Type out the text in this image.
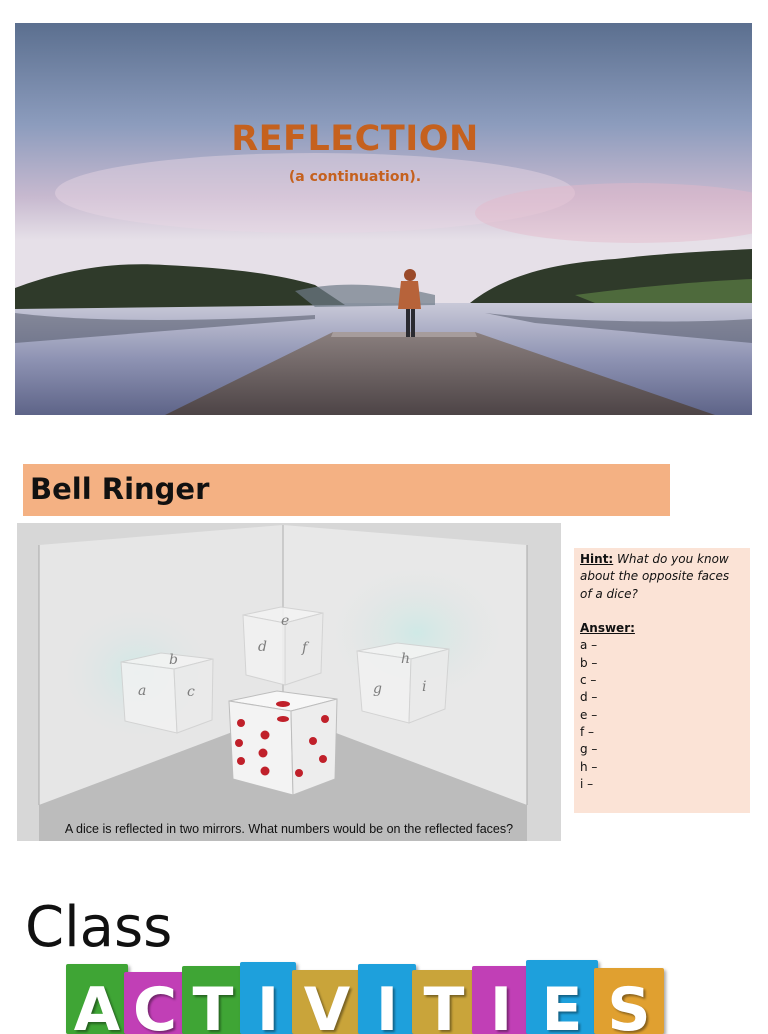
REFLECTION
(a continuation).
Bell Ringer
b
a	c
e
d	f
h
g	i
A dice is reflected in two mirrors. What numbers would be on the reflected faces?
Hint: What do you know about the opposite faces of a dice?
Answer:
a –
b –
c –
d –
e –
f –
g –
h –
i –
Class
A C T I V I T I E S
